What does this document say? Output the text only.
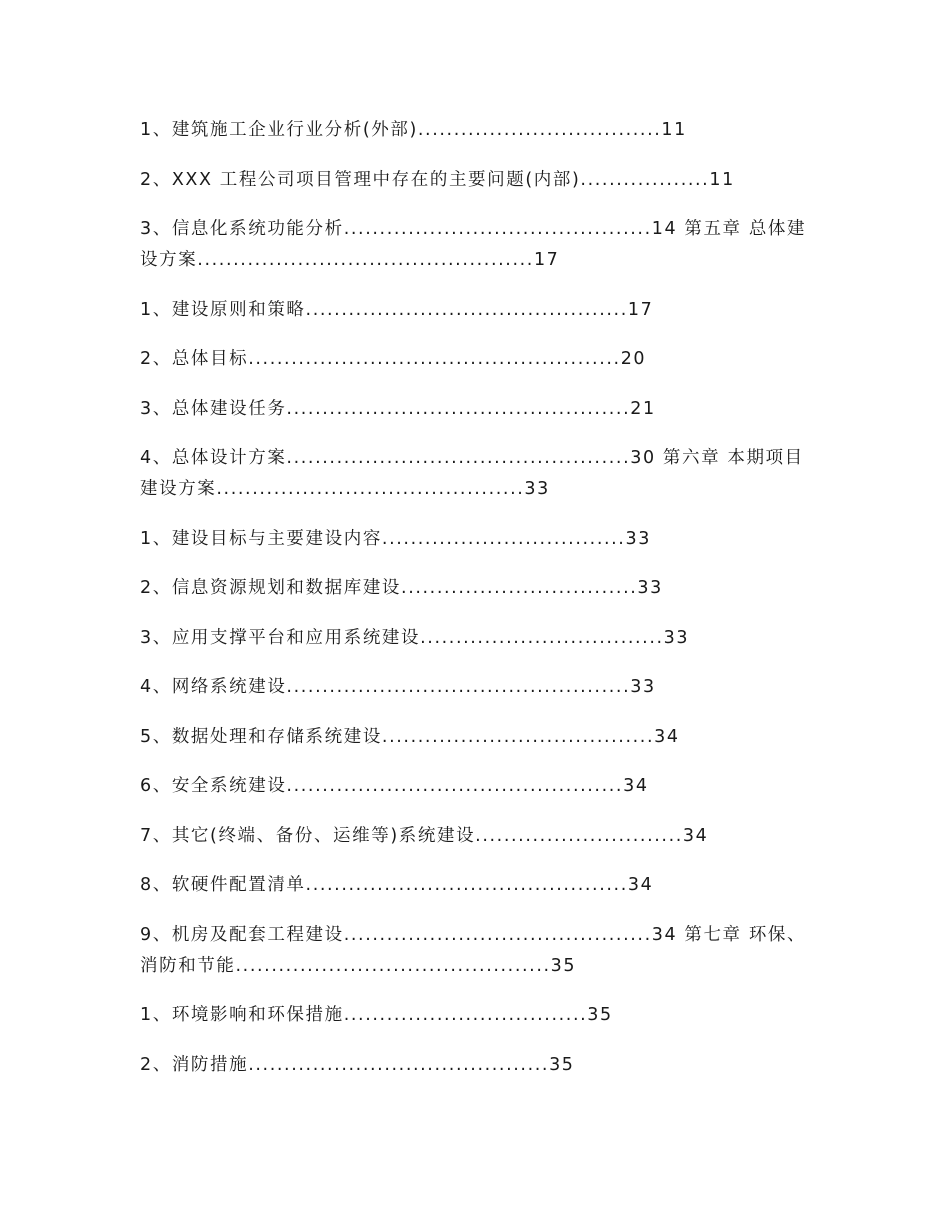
1、建筑施工企业行业分析(外部)..................................11
2、XXX 工程公司项目管理中存在的主要问题(内部)..................11
3、信息化系统功能分析...........................................14 第五章 总体建设方案...............................................17
1、建设原则和策略.............................................17
2、总体目标....................................................20
3、总体建设任务................................................21
4、总体设计方案................................................30 第六章 本期项目建设方案...........................................33
1、建设目标与主要建设内容..................................33
2、信息资源规划和数据库建设.................................33
3、应用支撑平台和应用系统建设..................................33
4、网络系统建设................................................33
5、数据处理和存储系统建设......................................34
6、安全系统建设...............................................34
7、其它(终端、备份、运维等)系统建设.............................34
8、软硬件配置清单.............................................34
9、机房及配套工程建设...........................................34 第七章 环保、消防和节能............................................35
1、环境影响和环保措施..................................35
2、消防措施..........................................35
